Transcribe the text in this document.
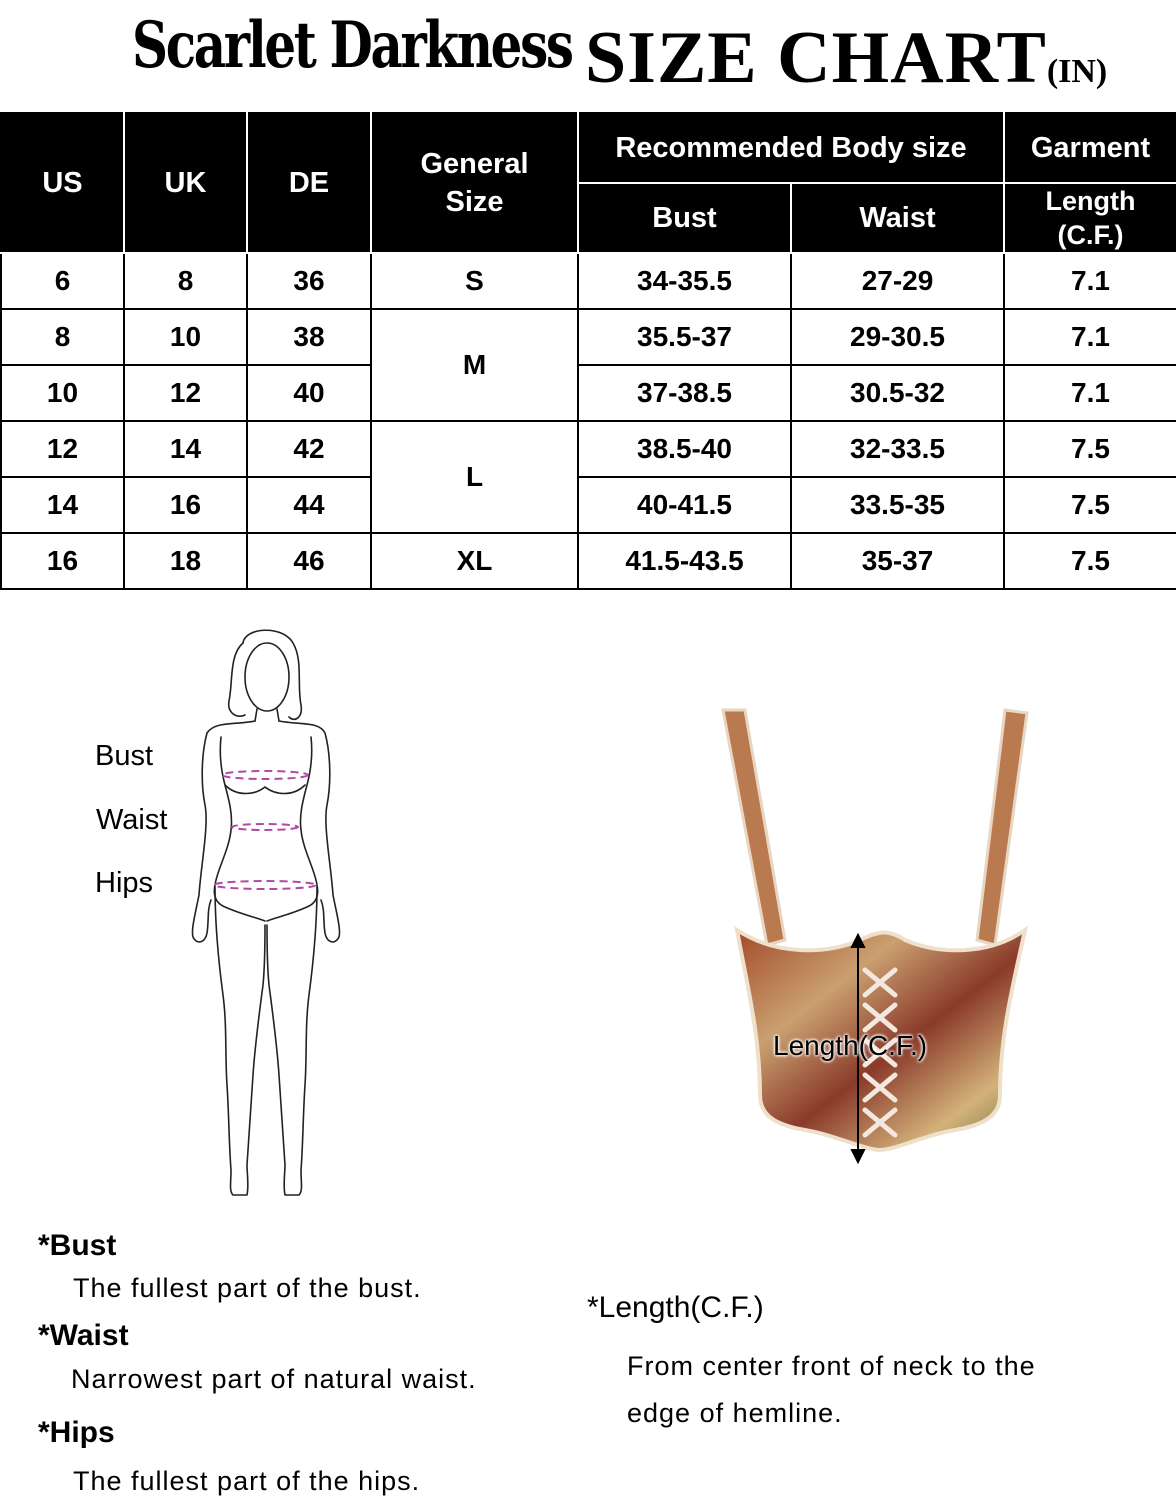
Scarlet Darkness SIZE CHART(IN)
US	UK	DE	General Size	Recommended Body size		Garment
				Bust	Waist	Length (C.F.)
6	8	36	S	34-35.5	27-29	7.1
8	10	38	M	35.5-37	29-30.5	7.1
10	12	40		37-38.5	30.5-32	7.1
12	14	42	L	38.5-40	32-33.5	7.5
14	16	44		40-41.5	33.5-35	7.5
16	18	46	XL	41.5-43.5	35-37	7.5
Bust
Waist
Hips
Length(C.F.)
*Bust
The fullest part of the bust.
*Waist
Narrowest part of natural waist.
*Hips
The fullest part of the hips.
*Length(C.F.)
From center front of neck to the
edge of hemline.
